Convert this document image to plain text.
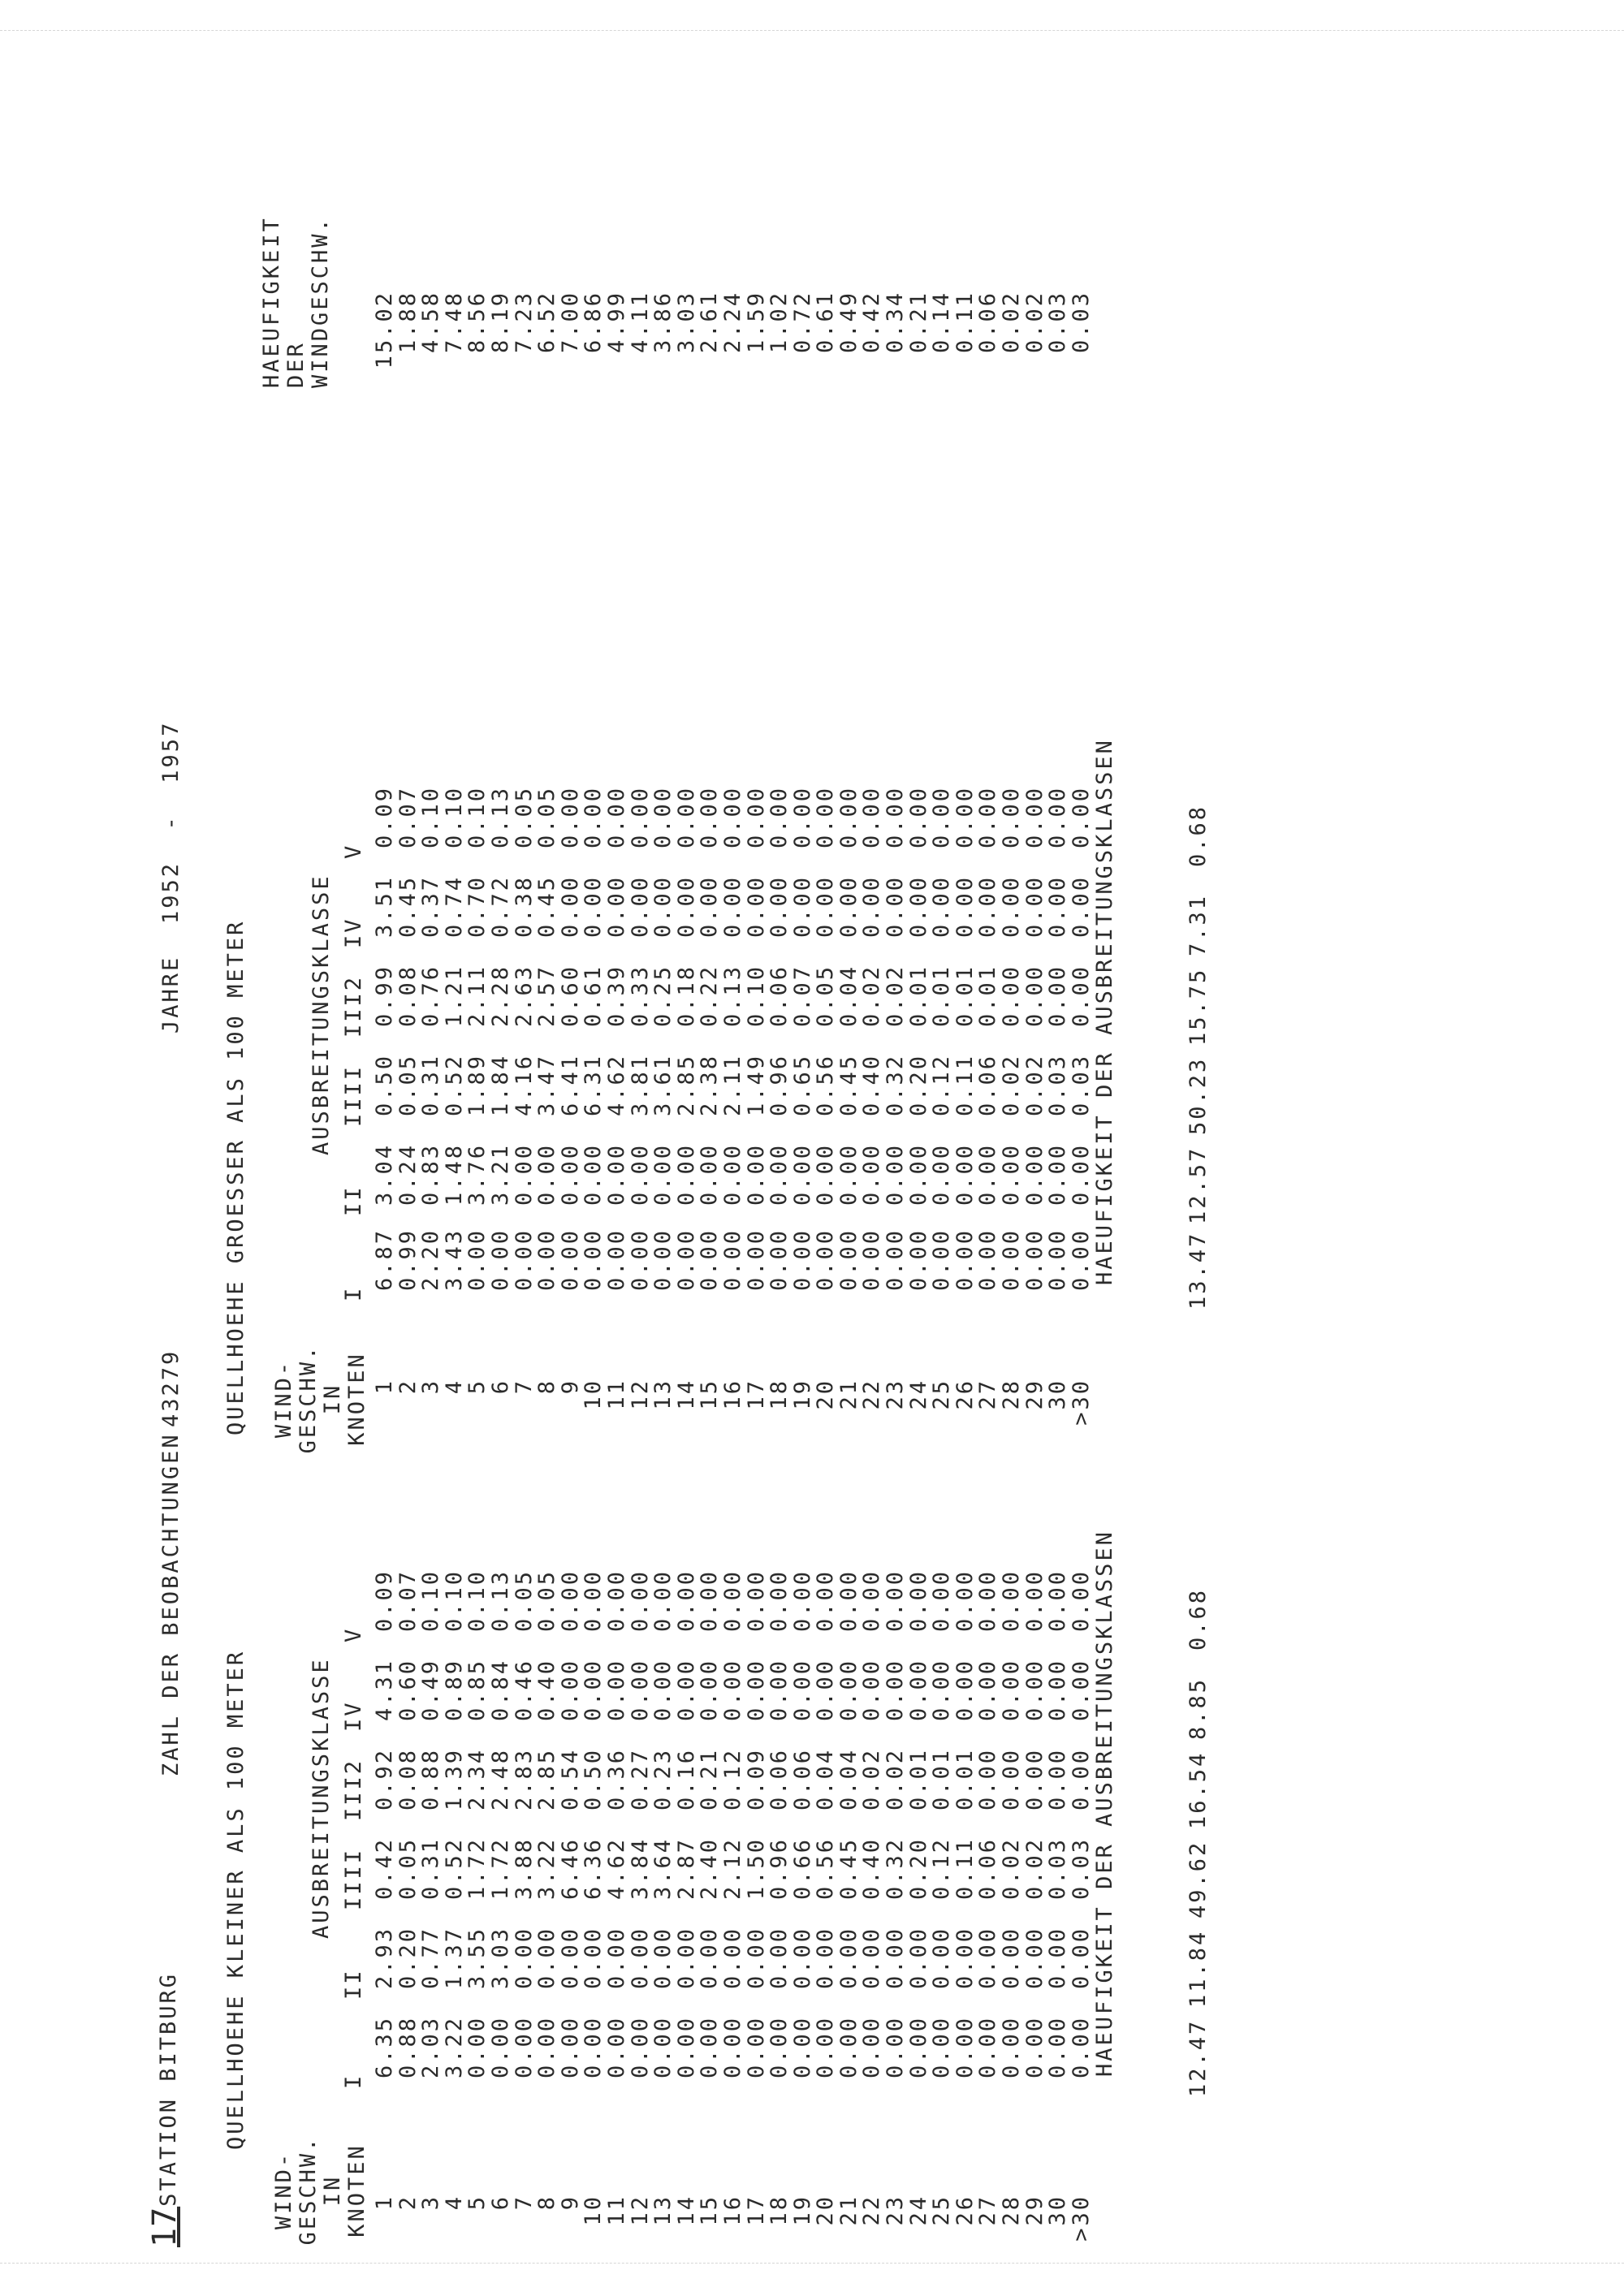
17STATION BITBURG
ZAHL DER BEOBACHTUNGEN
43279
JAHRE
1952  -  1957
QUELLHOEHE KLEINER ALS 100 METER
WIND- GESCHW. IN KNOTEN
AUSBREITUNGSKLASSE	HAEUFIGKEIT DER AUSBREITUNGSKLASSEN
QUELLHOEHE GROESSER ALS 100 METER WIND- GESCHW. IN KNOTEN
AUSBREITUNGSKLASSE
HAEUFIGKEIT DER WINDGESCHW.
HAEUFIGKEIT DER AUSBREITUNGSKLASSEN
1
2
3
4
5
6
7
8
9
10
11
12
13
14
15
16
17
18
19
20
21
22
23
24
25
26
27
28
29
30
>30
I
II
IIII
III2
IV
V
6.35
0.88
2.03
3.22
0.00
0.00
0.00
0.00
0.00
0.00
0.00
0.00
0.00
0.00
0.00
0.00
0.00
0.00
0.00
0.00
0.00
0.00
0.00
0.00
0.00
0.00
0.00
0.00
0.00
0.00
0.00
2.93
0.20
0.77
1.37
3.55
3.03
0.00
0.00
0.00
0.00
0.00
0.00
0.00
0.00
0.00
0.00
0.00
0.00
0.00
0.00
0.00
0.00
0.00
0.00
0.00
0.00
0.00
0.00
0.00
0.00
0.00
0.42
0.05
0.31
0.52
1.72
1.72
3.88
3.22
6.46
6.36
4.62
3.84
3.64
2.87
2.40
2.12
1.50
0.96
0.66
0.56
0.45
0.40
0.32
0.20
0.12
0.11
0.06
0.02
0.02
0.03
0.03
0.92
0.08
0.88
1.39
2.34
2.48
2.83
2.85
0.54
0.50
0.36
0.27
0.23
0.16
0.21
0.12
0.09
0.06
0.06
0.04
0.04
0.02
0.02
0.01
0.01
0.01
0.00
0.00
0.00
0.00
0.00
4.31
0.60
0.49
0.89
0.85
0.84
0.46
0.40
0.00
0.00
0.00
0.00
0.00
0.00
0.00
0.00
0.00
0.00
0.00
0.00
0.00
0.00
0.00
0.00
0.00
0.00
0.00
0.00
0.00
0.00
0.00
0.09
0.07
0.10
0.10
0.10
0.13
0.05
0.05
0.00
0.00
0.00
0.00
0.00
0.00
0.00
0.00
0.00
0.00
0.00
0.00
0.00
0.00
0.00
0.00
0.00
0.00
0.00
0.00
0.00
0.00
0.00
12.47
11.84
49.62
16.54
8.85
0.68
1
2
3
4
5
6
7
8
9
10
11
12
13
14
15
16
17
18
19
20
21
22
23
24
25
26
27
28
29
30
>30
I
II
IIII
III2
IV
V
6.87
0.99
2.20
3.43
0.00
0.00
0.00
0.00
0.00
0.00
0.00
0.00
0.00
0.00
0.00
0.00
0.00
0.00
0.00
0.00
0.00
0.00
0.00
0.00
0.00
0.00
0.00
0.00
0.00
0.00
0.00
3.04
0.24
0.83
1.48
3.76
3.21
0.00
0.00
0.00
0.00
0.00
0.00
0.00
0.00
0.00
0.00
0.00
0.00
0.00
0.00
0.00
0.00
0.00
0.00
0.00
0.00
0.00
0.00
0.00
0.00
0.00
0.50
0.05
0.31
0.52
1.89
1.84
4.16
3.47
6.41
6.31
4.62
3.81
3.61
2.85
2.38
2.11
1.49
0.96
0.65
0.56
0.45
0.40
0.32
0.20
0.12
0.11
0.06
0.02
0.02
0.03
0.03
0.99
0.08
0.76
1.21
2.11
2.28
2.63
2.57
0.60
0.61
0.39
0.33
0.25
0.18
0.22
0.13
0.10
0.06
0.07
0.05
0.04
0.02
0.02
0.01
0.01
0.01
0.01
0.00
0.00
0.00
0.00
3.51
0.45
0.37
0.74
0.70
0.72
0.38
0.45
0.00
0.00
0.00
0.00
0.00
0.00
0.00
0.00
0.00
0.00
0.00
0.00
0.00
0.00
0.00
0.00
0.00
0.00
0.00
0.00
0.00
0.00
0.00
0.09
0.07
0.10
0.10
0.10
0.13
0.05
0.05
0.00
0.00
0.00
0.00
0.00
0.00
0.00
0.00
0.00
0.00
0.00
0.00
0.00
0.00
0.00
0.00
0.00
0.00
0.00
0.00
0.00
0.00
0.00
13.47
12.57
50.23
15.75
7.31
0.68
15.02
1.88
4.58
7.48
8.56
8.19
7.23
6.52
7.00
6.86
4.99
4.11
3.86
3.03
2.61
2.24
1.59
1.02
0.72
0.61
0.49
0.42
0.34
0.21
0.14
0.11
0.06
0.02
0.02
0.03
0.03
